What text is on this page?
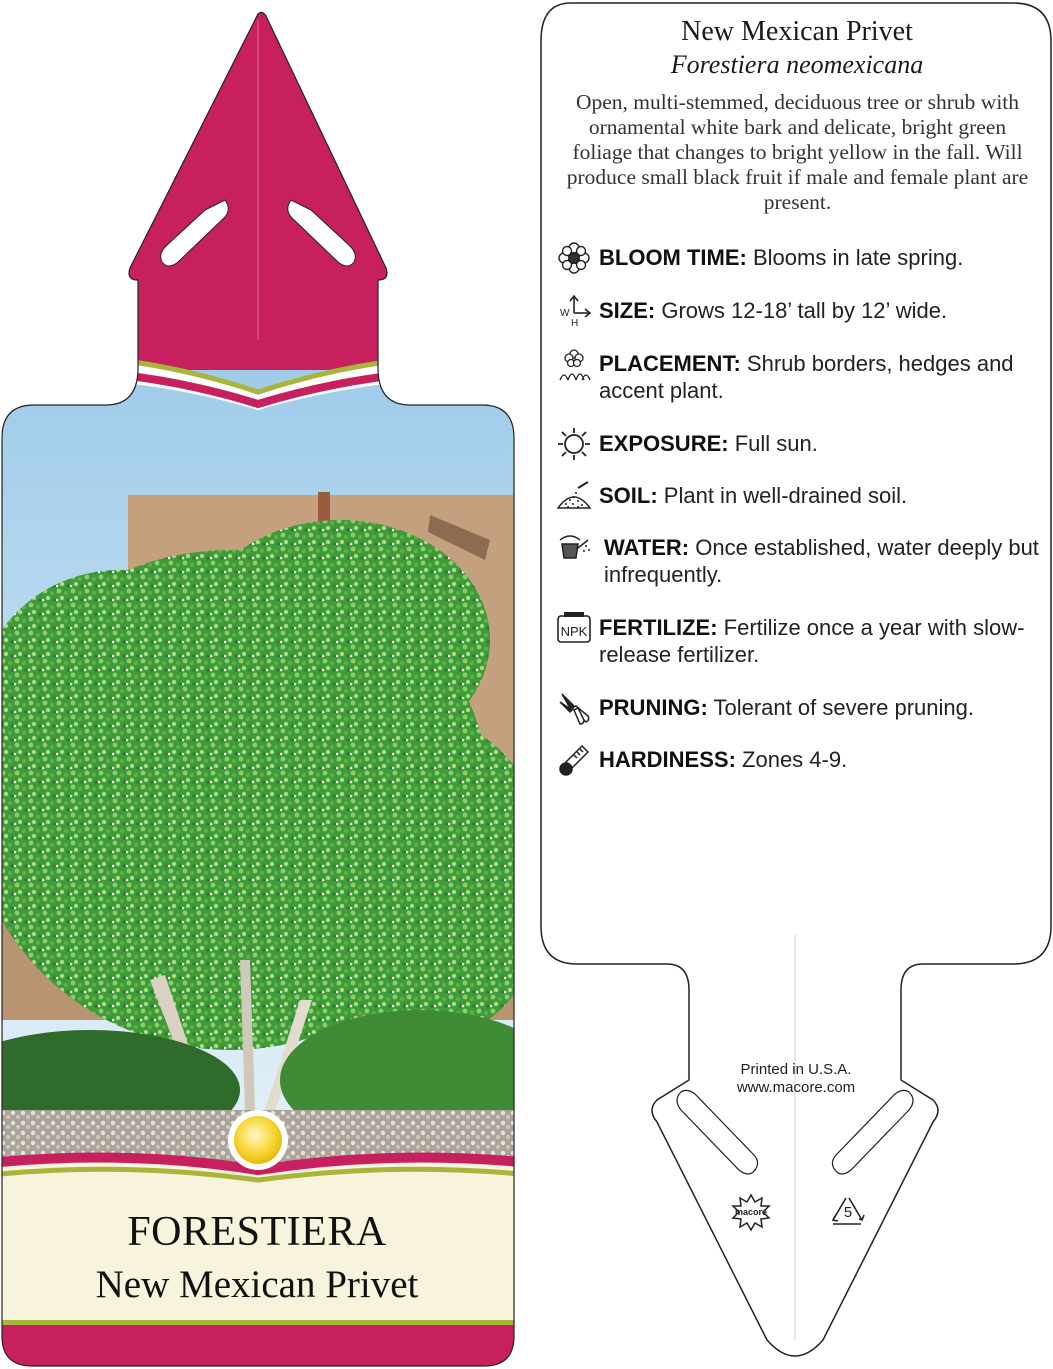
FORESTIERA
New Mexican Privet
New Mexican Privet
Forestiera neomexicana
Open, multi-stemmed, deciduous tree or shrub with ornamental white bark and delicate, bright green foliage that changes to bright yellow in the fall. Will produce small black fruit if male and female plant are present.
BLOOM TIME: Blooms in late spring.
W
H
SIZE: Grows 12-18’ tall by 12’ wide.
PLACEMENT: Shrub borders, hedges and accent plant.
EXPOSURE: Full sun.
SOIL: Plant in well-drained soil.
WATER: Once established, water deeply but infrequently.
NPK FERTILIZE: Fertilize once a year with slow-release fertilizer.
PRUNING: Tolerant of severe pruning.
HARDINESS: Zones 4-9.
Printed in U.S.A.
www.macore.com
macore	5
